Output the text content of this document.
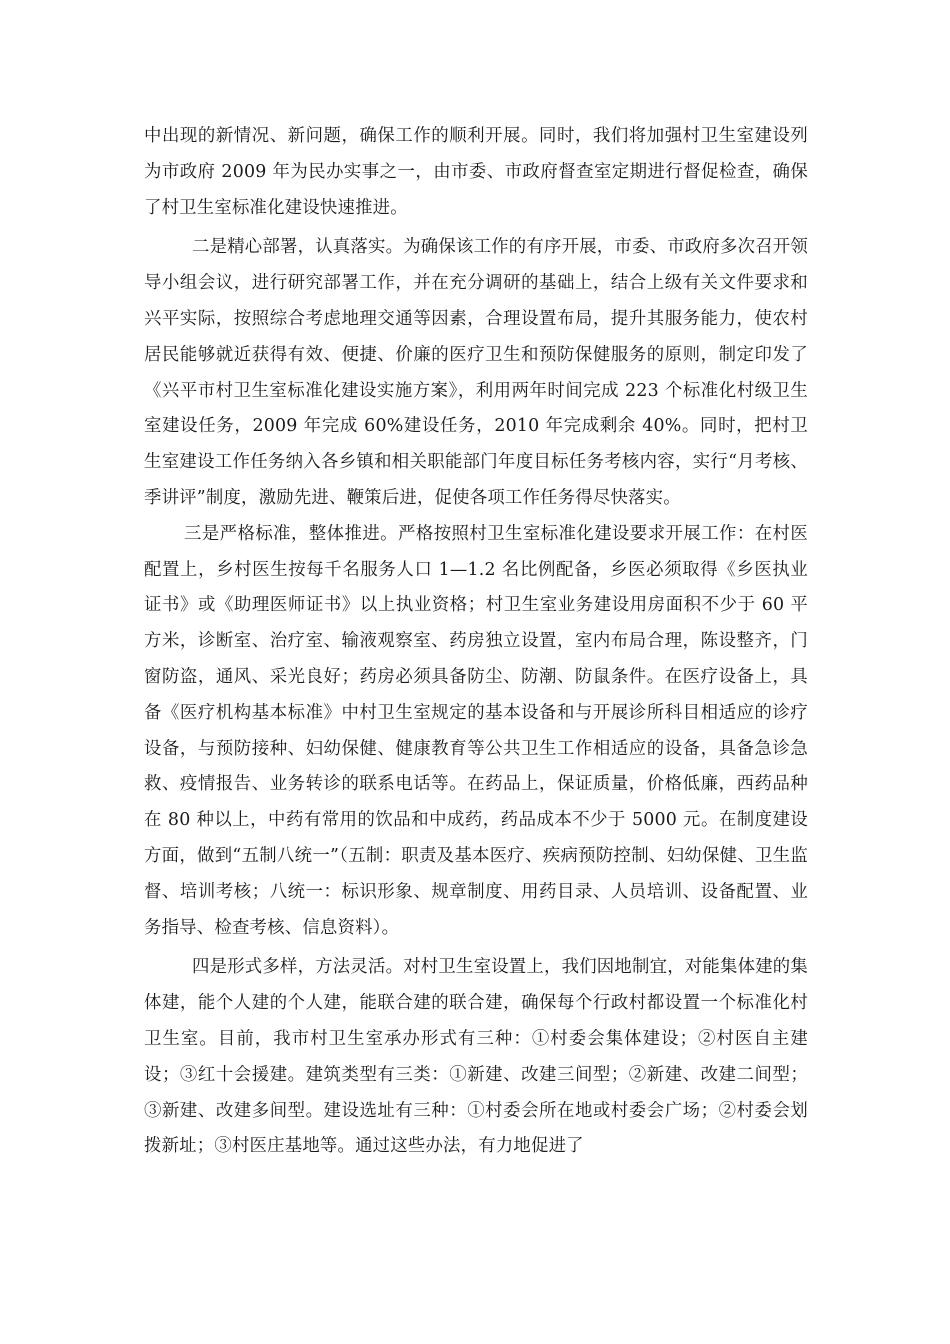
中出现的新情况、新问题，确保工作的顺利开展。同时，我们将加强村卫生室建设列为市政府 2009 年为民办实事之一，由市委、市政府督查室定期进行督促检查，确保了村卫生室标准化建设快速推进。

二是精心部署，认真落实。为确保该工作的有序开展，市委、市政府多次召开领导小组会议，进行研究部署工作，并在充分调研的基础上，结合上级有关文件要求和兴平实际，按照综合考虑地理交通等因素，合理设置布局，提升其服务能力，使农村居民能够就近获得有效、便捷、价廉的医疗卫生和预防保健服务的原则，制定印发了《兴平市村卫生室标准化建设实施方案》，利用两年时间完成 223 个标准化村级卫生室建设任务，2009 年完成 60%建设任务，2010 年完成剩余 40%。同时，把村卫生室建设工作任务纳入各乡镇和相关职能部门年度目标任务考核内容，实行“月考核、季讲评”制度，激励先进、鞭策后进，促使各项工作任务得尽快落实。

三是严格标准，整体推进。严格按照村卫生室标准化建设要求开展工作：在村医配置上，乡村医生按每千名服务人口 1—1.2 名比例配备，乡医必须取得《乡医执业证书》或《助理医师证书》以上执业资格；村卫生室业务建设用房面积不少于 60 平方米，诊断室、治疗室、输液观察室、药房独立设置，室内布局合理，陈设整齐，门窗防盗，通风、采光良好；药房必须具备防尘、防潮、防鼠条件。在医疗设备上，具备《医疗机构基本标准》中村卫生室规定的基本设备和与开展诊所科目相适应的诊疗设备，与预防接种、妇幼保健、健康教育等公共卫生工作相适应的设备，具备急诊急救、疫情报告、业务转诊的联系电话等。在药品上，保证质量，价格低廉，西药品种在 80 种以上，中药有常用的饮品和中成药，药品成本不少于 5000 元。在制度建设方面，做到“五制八统一”（五制：职责及基本医疗、疾病预防控制、妇幼保健、卫生监督、培训考核；八统一：标识形象、规章制度、用药目录、人员培训、设备配置、业务指导、检查考核、信息资料）。

四是形式多样，方法灵活。对村卫生室设置上，我们因地制宜，对能集体建的集体建，能个人建的个人建，能联合建的联合建，确保每个行政村都设置一个标准化村卫生室。目前，我市村卫生室承办形式有三种：①村委会集体建设；②村医自主建设；③红十会援建。建筑类型有三类：①新建、改建三间型；②新建、改建二间型；③新建、改建多间型。建设选址有三种：①村委会所在地或村委会广场；②村委会划拨新址；③村医庄基地等。通过这些办法，有力地促进了
